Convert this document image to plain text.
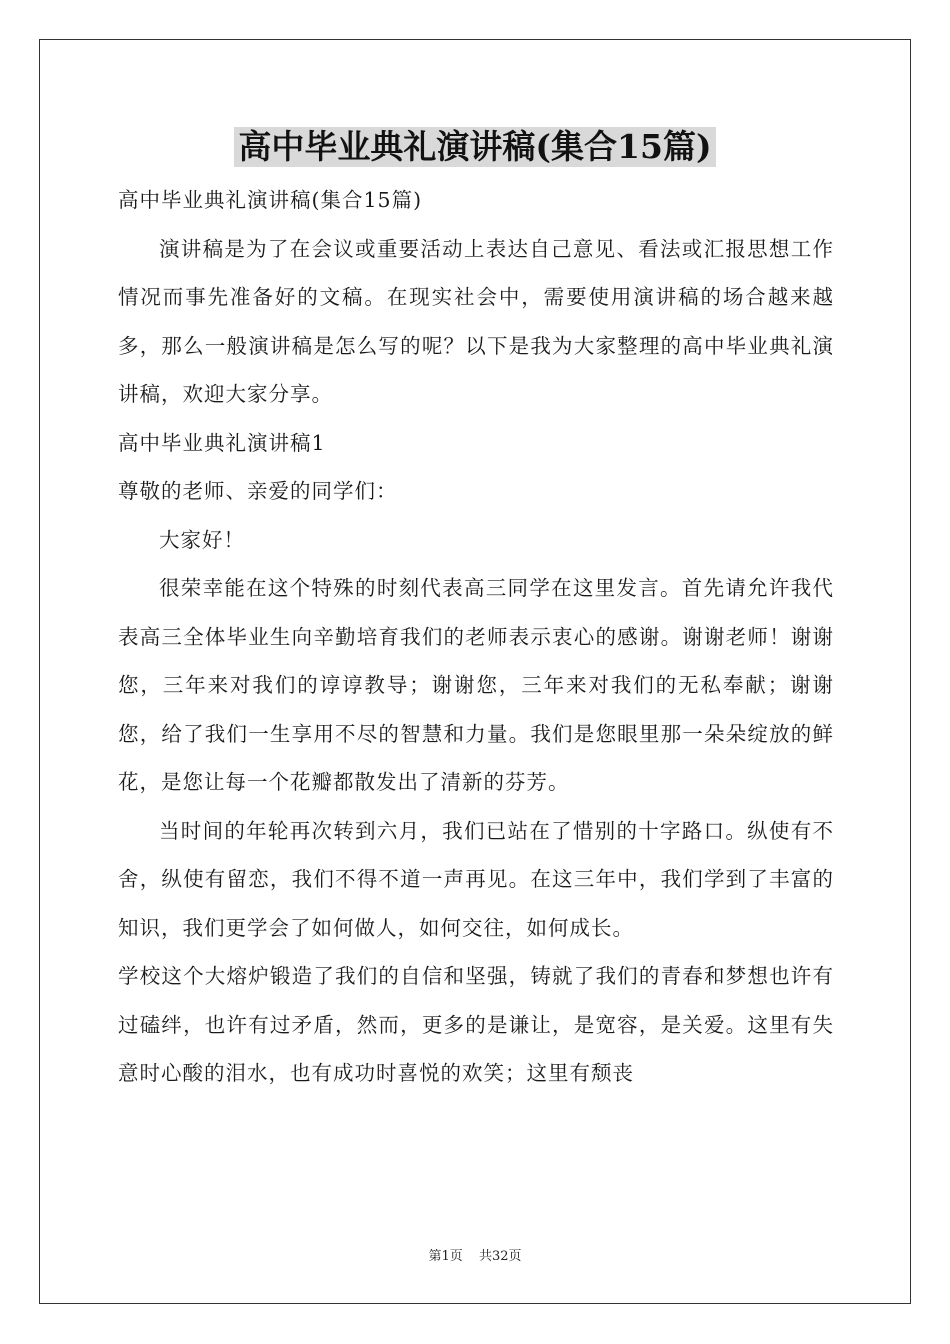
高中毕业典礼演讲稿(集合15篇)

高中毕业典礼演讲稿(集合15篇)

演讲稿是为了在会议或重要活动上表达自己意见、看法或汇报思想工作情况而事先准备好的文稿。在现实社会中，需要使用演讲稿的场合越来越多，那么一般演讲稿是怎么写的呢？以下是我为大家整理的高中毕业典礼演讲稿，欢迎大家分享。

高中毕业典礼演讲稿1

尊敬的老师、亲爱的同学们：

大家好！

很荣幸能在这个特殊的时刻代表高三同学在这里发言。首先请允许我代表高三全体毕业生向辛勤培育我们的老师表示衷心的感谢。谢谢老师！谢谢您，三年来对我们的谆谆教导；谢谢您，三年来对我们的无私奉献；谢谢您，给了我们一生享用不尽的智慧和力量。我们是您眼里那一朵朵绽放的鲜花，是您让每一个花瓣都散发出了清新的芬芳。

当时间的年轮再次转到六月，我们已站在了惜别的十字路口。纵使有不舍，纵使有留恋，我们不得不道一声再见。在这三年中，我们学到了丰富的知识，我们更学会了如何做人，如何交往，如何成长。

学校这个大熔炉锻造了我们的自信和坚强，铸就了我们的青春和梦想也许有过磕绊，也许有过矛盾，然而，更多的是谦让，是宽容，是关爱。这里有失意时心酸的泪水，也有成功时喜悦的欢笑；这里有颓丧

第1页 共32页
